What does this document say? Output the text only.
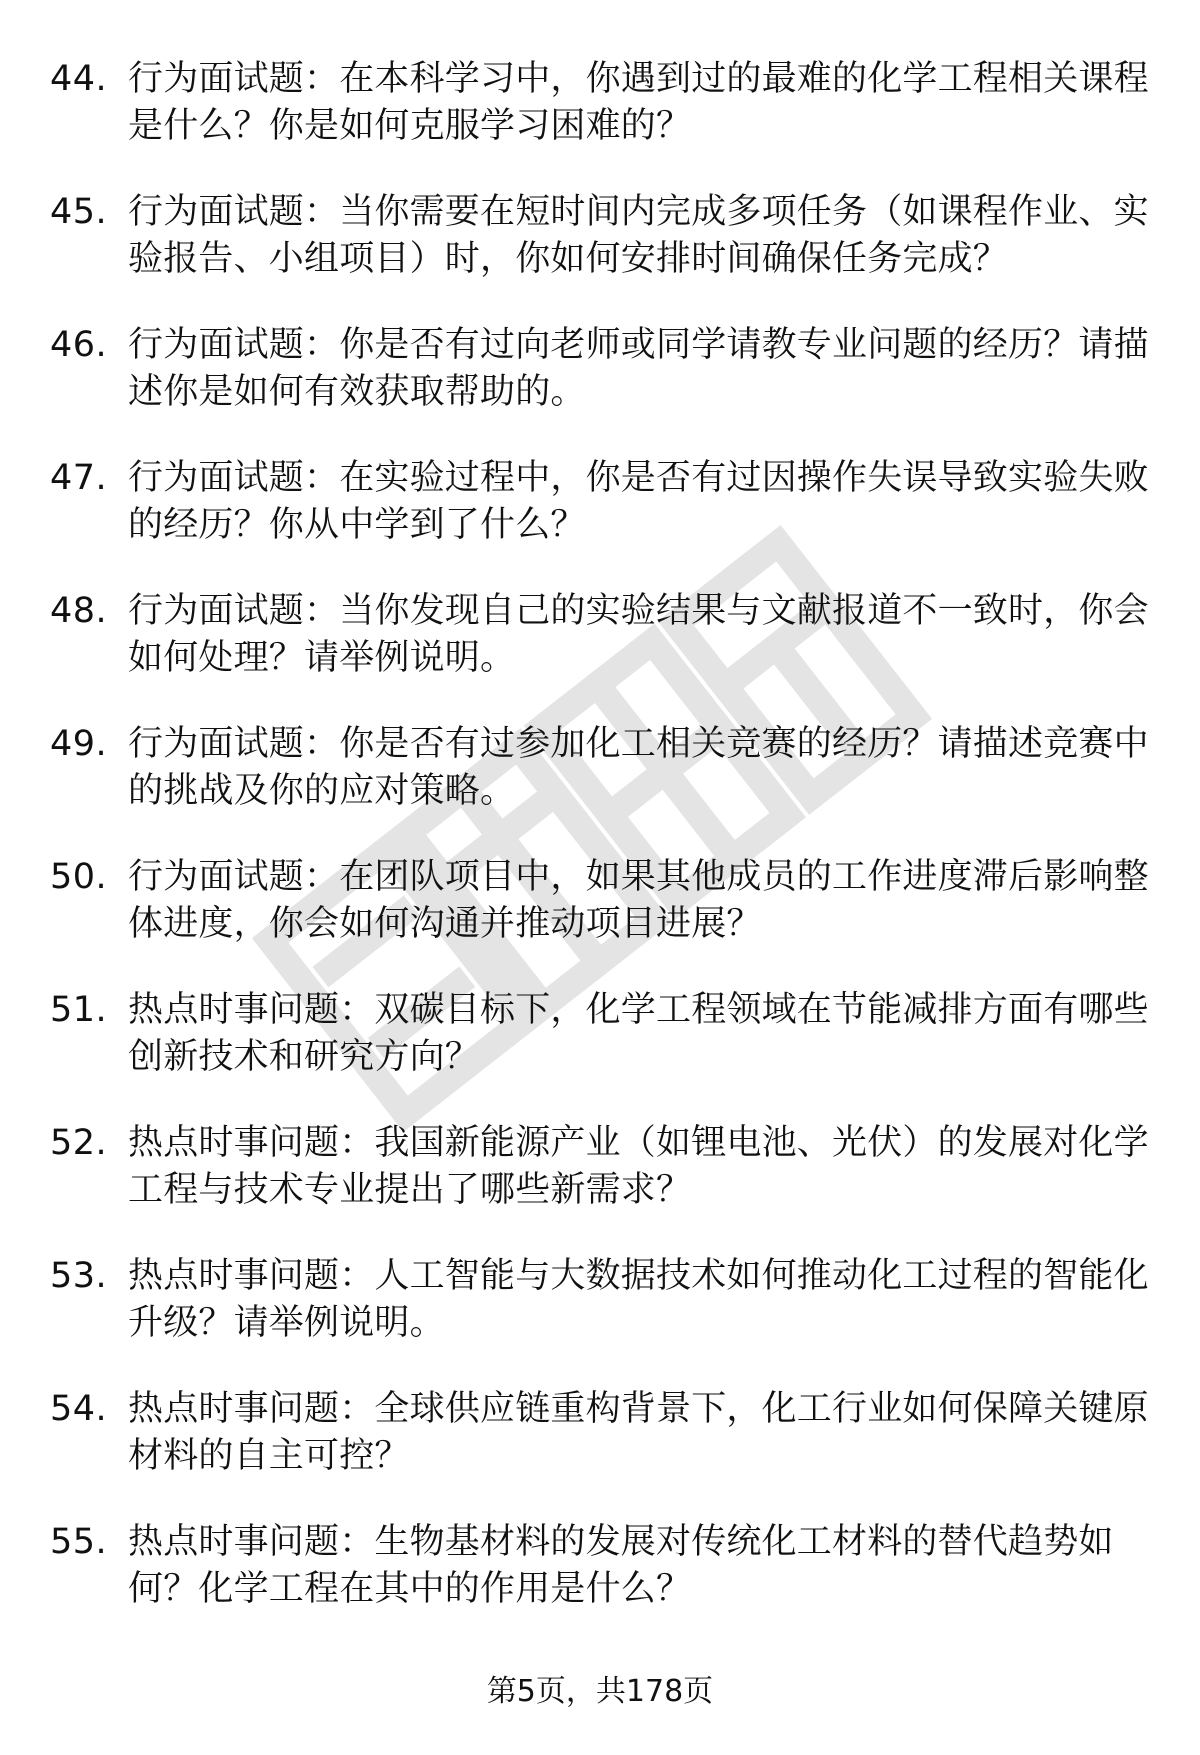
44. 行为面试题：在本科学习中，你遇到过的最难的化学工程相关课程是什么？你是如何克服学习困难的？
45. 行为面试题：当你需要在短时间内完成多项任务（如课程作业、实验报告、小组项目）时，你如何安排时间确保任务完成？
46. 行为面试题：你是否有过向老师或同学请教专业问题的经历？请描述你是如何有效获取帮助的。
47. 行为面试题：在实验过程中，你是否有过因操作失误导致实验失败的经历？你从中学到了什么？
48. 行为面试题：当你发现自己的实验结果与文献报道不一致时，你会如何处理？请举例说明。
49. 行为面试题：你是否有过参加化工相关竞赛的经历？请描述竞赛中的挑战及你的应对策略。
50. 行为面试题：在团队项目中，如果其他成员的工作进度滞后影响整体进度，你会如何沟通并推动项目进展？
51. 热点时事问题：双碳目标下，化学工程领域在节能减排方面有哪些创新技术和研究方向？
52. 热点时事问题：我国新能源产业（如锂电池、光伏）的发展对化学工程与技术专业提出了哪些新需求？
53. 热点时事问题：人工智能与大数据技术如何推动化工过程的智能化升级？请举例说明。
54. 热点时事问题：全球供应链重构背景下，化工行业如何保障关键原材料的自主可控？
55. 热点时事问题：生物基材料的发展对传统化工材料的替代趋势如何？化学工程在其中的作用是什么？
第5页，共178页
